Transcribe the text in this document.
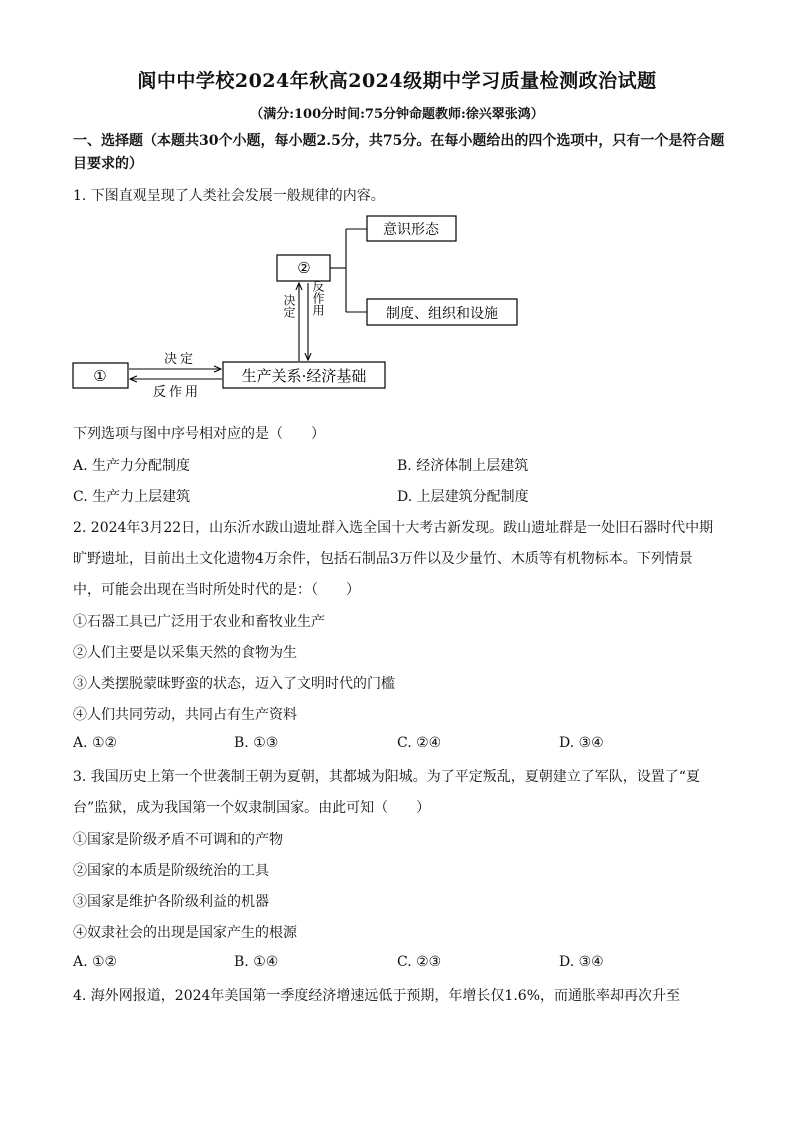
阆中中学校2024年秋高2024级期中学习质量检测政治试题
（满分:100分时间:75分钟命题教师:徐兴翠张鸿）
一、选择题（本题共30个小题，每小题2.5分，共75分。在每小题给出的四个选项中，只有一个是符合题目要求的）
1. 下图直观呈现了人类社会发展一般规律的内容。
①
②
生产关系·经济基础
意识形态
制度、组织和设施
决定
反作用
决定 反作用
下列选项与图中序号相对应的是（　　）
A. 生产力分配制度	B. 经济体制上层建筑
C. 生产力上层建筑	D. 上层建筑分配制度
2. 2024年3月22日，山东沂水跋山遗址群入选全国十大考古新发现。跋山遗址群是一处旧石器时代中期
旷野遗址，目前出土文化遗物4万余件，包括石制品3万件以及少量竹、木质等有机物标本。下列情景
中，可能会出现在当时所处时代的是：（　　）
①石器工具已广泛用于农业和畜牧业生产
②人们主要是以采集天然的食物为生
③人类摆脱蒙昧野蛮的状态，迈入了文明时代的门槛
④人们共同劳动，共同占有生产资料
A. ①②	B. ①③	C. ②④	D. ③④
3. 我国历史上第一个世袭制王朝为夏朝，其都城为阳城。为了平定叛乱，夏朝建立了军队，设置了“夏
台”监狱，成为我国第一个奴隶制国家。由此可知（　　）
①国家是阶级矛盾不可调和的产物
②国家的本质是阶级统治的工具
③国家是维护各阶级利益的机器
④奴隶社会的出现是国家产生的根源
A. ①②	B. ①④	C. ②③	D. ③④
4. 海外网报道，2024年美国第一季度经济增速远低于预期，年增长仅1.6%，而通胀率却再次升至
